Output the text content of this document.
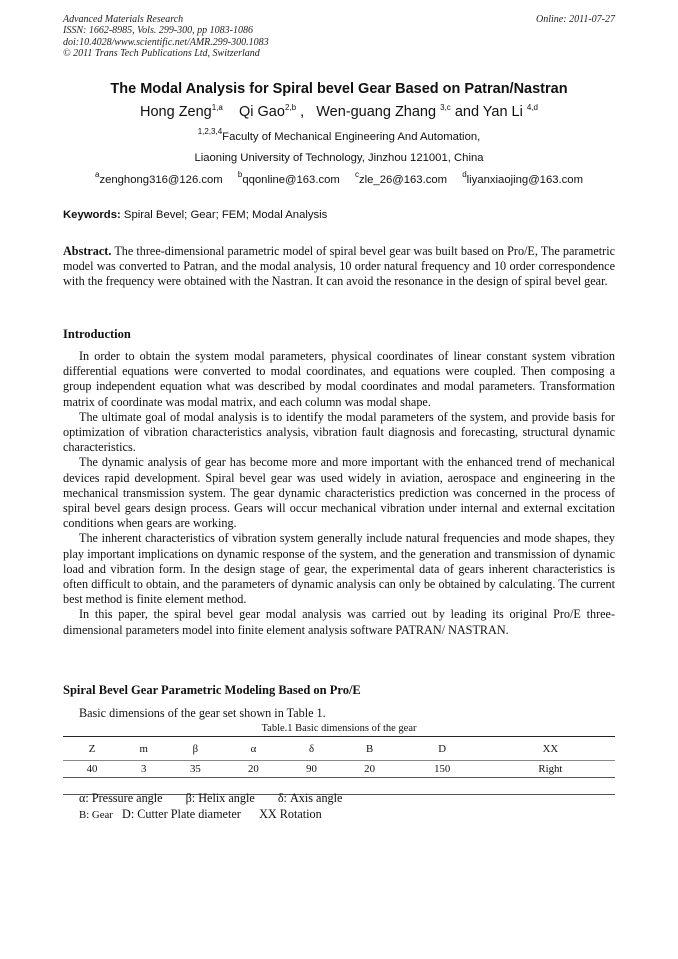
Advanced Materials Research
ISSN: 1662-8985, Vols. 299-300, pp 1083-1086
doi:10.4028/www.scientific.net/AMR.299-300.1083
© 2011 Trans Tech Publications Ltd, Switzerland
Online: 2011-07-27
The Modal Analysis for Spiral bevel Gear Based on Patran/Nastran
Hong Zeng$^{1,a}$ Qi Gao$^{2,b}$ , Wen-guang Zhang $^{3,c}$ and Yan Li $^{4,d}$
$^{1,2,3,4}$Faculty of Mechanical Engineering And Automation,
Liaoning University of Technology, Jinzhou 121001, China
$^a$zenghong316@126.com $^b$qqonline@163.com $^c$zle_26@163.com $^d$liyanxiaojing@163.com
Keywords: Spiral Bevel; Gear; FEM; Modal Analysis
Abstract. The three-dimensional parametric model of spiral bevel gear was built based on Pro/E, The parametric model was converted to Patran, and the modal analysis, 10 order natural frequency and 10 order correspondence with the frequency were obtained with the Nastran. It can avoid the resonance in the design of spiral bevel gear.
Introduction

In order to obtain the system modal parameters, physical coordinates of linear constant system vibration differential equations were converted to modal coordinates, and equations were coupled. Then composing a group independent equation what was described by modal coordinates and modal parameters. Transformation matrix of coordinate was modal matrix, and each column was modal shape.

The ultimate goal of modal analysis is to identify the modal parameters of the system, and provide basis for optimization of vibration characteristics analysis, vibration fault diagnosis and forecasting, structural dynamic characteristics.

The dynamic analysis of gear has become more and more important with the enhanced trend of mechanical devices rapid development. Spiral bevel gear was used widely in aviation, aerospace and engineering in the mechanical transmission system. The gear dynamic characteristics prediction was concerned in the process of spiral bevel gears design process. Gears will occur mechanical vibration under internal and external excitation conditions when gears are working.

The inherent characteristics of vibration system generally include natural frequencies and mode shapes, they play important implications on dynamic response of the system, and the generation and transmission of dynamic load and vibration form. In the design stage of gear, the experimental data of gears inherent characteristics is often difficult to obtain, and the parameters of dynamic analysis can only be obtained by calculating. The current best method is finite element method.

In this paper, the spiral bevel gear modal analysis was carried out by leading its original Pro/E three-dimensional parameters model into finite element analysis software PATRAN/ NASTRAN.

Spiral Bevel Gear Parametric Modeling Based on Pro/E
Basic dimensions of the gear set shown in Table 1.
Table.1 Basic dimensions of the gear
Z	m	β	α	δ	B	D	XX
40	3	35	20	90	20	150	Right

α: Pressure angle β: Helix angle δ: Axis angle
B: Gear D: Cutter Plate diameter XX Rotation
